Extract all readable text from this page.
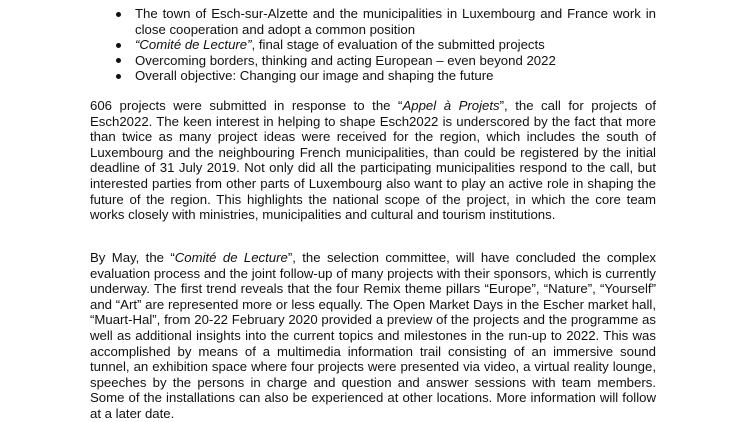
The town of Esch-sur-Alzette and the municipalities in Luxembourg and France work in close cooperation and adopt a common position
“Comité de Lecture”, final stage of evaluation of the submitted projects
Overcoming borders, thinking and acting European – even beyond 2022
Overall objective: Changing our image and shaping the future

606 projects were submitted in response to the “Appel à Projets”, the call for projects of Esch2022. The keen interest in helping to shape Esch2022 is underscored by the fact that more than twice as many project ideas were received for the region, which includes the south of Luxembourg and the neighbouring French municipalities, than could be registered by the initial deadline of 31 July 2019. Not only did all the participating municipalities respond to the call, but interested parties from other parts of Luxembourg also want to play an active role in shaping the future of the region. This highlights the national scope of the project, in which the core team works closely with ministries, municipalities and cultural and tourism institutions.

By May, the “Comité de Lecture”, the selection committee, will have concluded the complex evaluation process and the joint follow-up of many projects with their sponsors, which is currently underway. The first trend reveals that the four Remix theme pillars “Europe”, “Nature”, “Yourself” and “Art” are represented more or less equally. The Open Market Days in the Escher market hall, “Muart-Hal”, from 20-22 February 2020 provided a preview of the projects and the programme as well as additional insights into the current topics and milestones in the run-up to 2022. This was accomplished by means of a multimedia information trail consisting of an immersive sound tunnel, an exhibition space where four projects were presented via video, a virtual reality lounge, speeches by the persons in charge and question and answer sessions with team members. Some of the installations can also be experienced at other locations. More information will follow at a later date.
